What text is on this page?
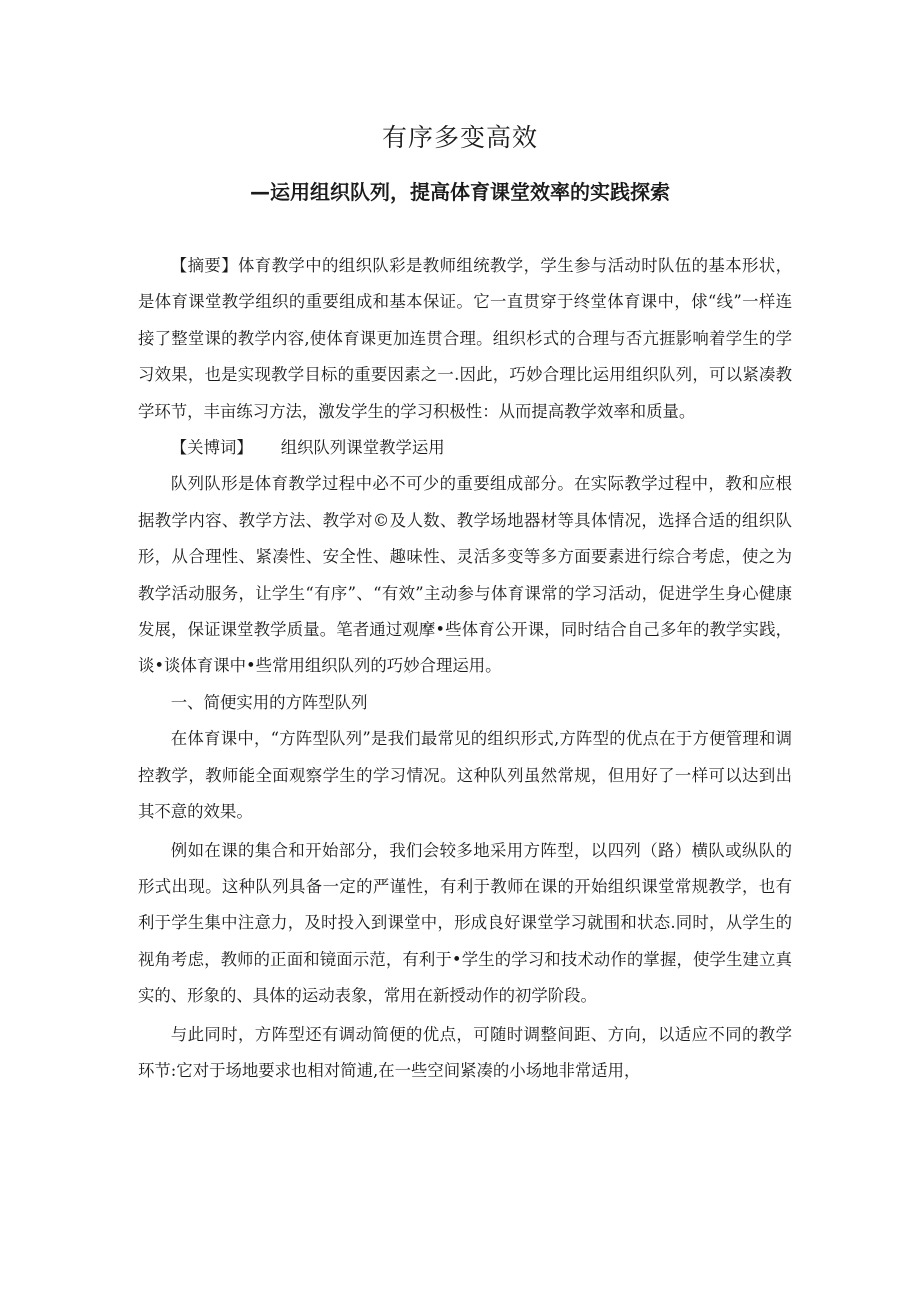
有序多变高效
—运用组织队列，提高体育课堂效率的实践探索

【摘要】体育教学中的组织队彩是教师组统教学，学生参与活动时队伍的基本形状，是体育课堂教学组织的重要组成和基本保证。它一直贯穿于终堂体育课中，俅“线”一样连接了整堂课的教学内容,使体育课更加连贯合理。组织杉式的合理与否亢捱影响着学生的学习效果，也是实现教学目标的重要因素之一.因此，巧妙合理比运用组织队列，可以紧凑教学环节，丰亩练习方法，激发学生的学习积极性：从而提高教学效率和质量。

【关博词】 组织队列课堂教学运用

队列队形是体育教学过程中必不可少的重要组成部分。在实际教学过程中，教和应根据教学内容、教学方法、教学对©及人数、教学场地器材等具体情况，选择合适的组织队形，从合理性、紧凑性、安全性、趣味性、灵活多变等多方面要素进行综合考虑，使之为教学活动服务，让学生“有序”、“有效”主动参与体育课常的学习活动，促进学生身心健康发展，保证课堂教学质量。笔者通过观摩•些体育公开课，同时结合自己多年的教学实践，谈•谈体育课中•些常用组织队列的巧妙合理运用。

一、简便实用的方阵型队列

在体育课中，“方阵型队列”是我们最常见的组织形式,方阵型的优点在于方便管理和调控教学，教师能全面观察学生的学习情况。这种队列虽然常规，但用好了一样可以达到出其不意的效果。

例如在课的集合和开始部分，我们会较多地采用方阵型，以四列（路）横队或纵队的形式出现。这种队列具备一定的严谨性，有利于教师在课的开始组织课堂常规教学，也有利于学生集中注意力，及时投入到课堂中，形成良好课堂学习就围和状态.同时，从学生的视角考虑，教师的正面和镜面示范，有利于•学生的学习和技术动作的掌握，使学生建立真实的、形象的、具体的运动表象，常用在新授动作的初学阶段。

与此同时，方阵型还有调动简便的优点，可随时调整间距、方向，以适应不同的教学环节:它对于场地要求也相对简逋,在一些空间紧凑的小场地非常适用，
